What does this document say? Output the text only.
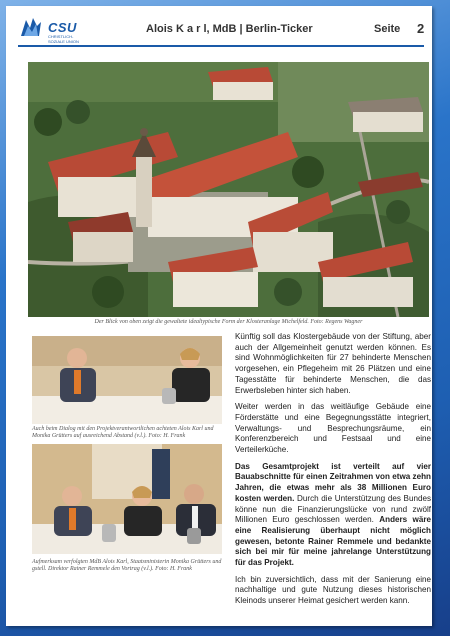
CSU
CHRISTLICH-SOZIALE UNION
Alois K a r l, MdB | Berlin-Ticker	Seite 2
Der Blick von oben zeigt die gewaltete idealtypische Form der Klosteranlage Michelfeld. Foto: Regens Wagner
Auch beim Dialog mit den Projektverantwortlichen achteten Alois Karl und Monika Grütters auf ausreichend Abstand (v.l.). Foto: H. Frank
Aufmerksam verfolgten MdB Alois Karl, Staatsministerin Monika Grütters und gstell. Direktor Rainer Remmele den Vortrag (v.l.). Foto: H. Frank

Künftig soll das Klostergebäude von der Stiftung, aber auch der Allgemeinheit genutzt werden können. Es sind Wohnmöglichkeiten für 27 behinderte Menschen vorgesehen, ein Pflegeheim mit 26 Plätzen und eine Tagesstätte für behinderte Menschen, die das Erwerbsleben hinter sich haben.

Weiter werden in das weitläufige Gebäude eine Förderstätte und eine Begegnungsstätte integriert, Verwaltungs- und Besprechungsräume, ein Konferenzbereich und Festsaal und eine Verteilerküche.

Das Gesamtprojekt ist verteilt auf vier Bauabschnitte für einen Zeitrahmen von etwa zehn Jahren, die etwas mehr als 38 Millionen Euro kosten werden. Durch die Unterstützung des Bundes könne nun die Finanzierungslücke von rund zwölf Millionen Euro geschlossen werden. Anders wäre eine Realisierung überhaupt nicht möglich gewesen, betonte Rainer Remmele und bedankte sich bei mir für meine jahrelange Unterstützung für das Projekt.

Ich bin zuversichtlich, dass mit der Sanierung eine nachhaltige und gute Nutzung dieses historischen Kleinods unserer Heimat gesichert werden kann.
